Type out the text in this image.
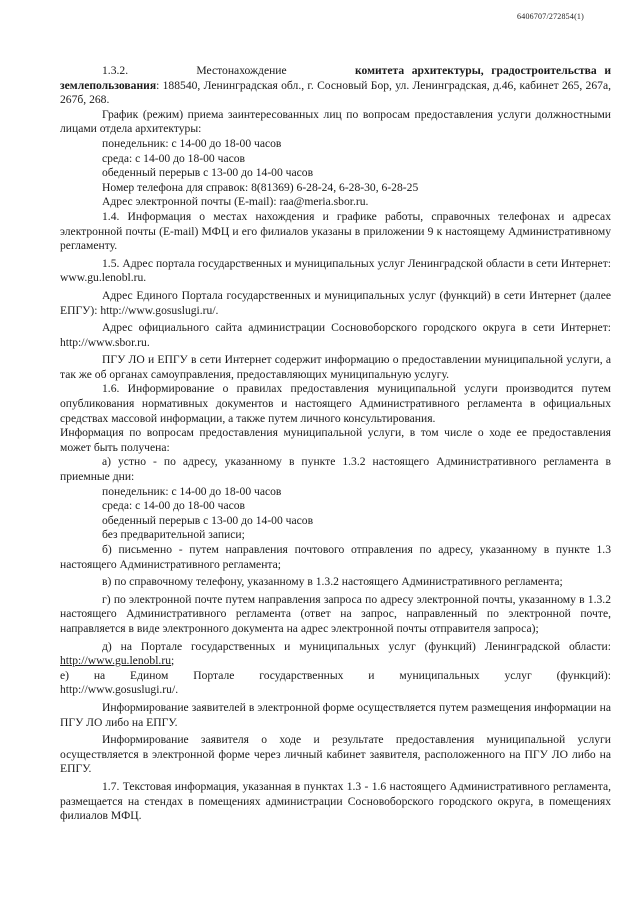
6406707/272854(1)

1.3.2.	Местонахождение	комитета архитектуры, градостроительства и

землепользования: 188540, Ленинградская обл., г. Сосновый Бор, ул. Ленинградская, д.46, кабинет 265, 267а, 267б, 268.

График (режим) приема заинтересованных лиц по вопросам предоставления услуги должностными лицами отдела архитектуры:

понедельник: с 14-00 до 18-00 часов

среда: с 14-00 до 18-00 часов

обеденный перерыв с 13-00 до 14-00 часов

Номер телефона для справок: 8(81369) 6-28-24, 6-28-30, 6-28-25

Адрес электронной почты (E-mail): raa@meria.sbor.ru.

1.4. Информация о местах нахождения и графике работы, справочных телефонах и адресах электронной почты (E-mail) МФЦ и его филиалов указаны в приложении 9 к настоящему Административному регламенту.

1.5. Адрес портала государственных и муниципальных услуг Ленинградской области в сети Интернет: www.gu.lenobl.ru.

Адрес Единого Портала государственных и муниципальных услуг (функций) в сети Интернет (далее ЕПГУ): http://www.gosuslugi.ru/.

Адрес официального сайта администрации Сосновоборского городского округа в сети Интернет: http://www.sbor.ru.

ПГУ ЛО и ЕПГУ в сети Интернет содержит информацию о предоставлении муниципальной услуги, а так же об органах самоуправления, предоставляющих муниципальную услугу.

1.6. Информирование о правилах предоставления муниципальной услуги производится путем опубликования нормативных документов и настоящего Административного регламента в официальных средствах массовой информации, а также путем личного консультирования.

Информация по вопросам предоставления муниципальной услуги, в том числе о ходе ее предоставления может быть получена:

а) устно - по адресу, указанному в пункте 1.3.2 настоящего Административного регламента в приемные дни:

понедельник: с 14-00 до 18-00 часов

среда: с 14-00 до 18-00 часов

обеденный перерыв с 13-00 до 14-00 часов

без предварительной записи;

б) письменно - путем направления почтового отправления по адресу, указанному в пункте 1.3 настоящего Административного регламента;

в) по справочному телефону, указанному в 1.3.2 настоящего Административного регламента;

г) по электронной почте путем направления запроса по адресу электронной почты, указанному в 1.3.2 настоящего Административного регламента (ответ на запрос, направленный по электронной почте, направляется в виде электронного документа на адрес электронной почты отправителя запроса);

д) на Портале государственных и муниципальных услуг (функций) Ленинградской области: http://www.gu.lenobl.ru;

е) на Едином Портале государственных и муниципальных услуг (функций):
http://www.gosuslugi.ru/.

Информирование заявителей в электронной форме осуществляется путем размещения информации на ПГУ ЛО либо на ЕПГУ.

Информирование заявителя о ходе и результате предоставления муниципальной услуги осуществляется в электронной форме через личный кабинет заявителя, расположенного на ПГУ ЛО либо на ЕПГУ.

1.7. Текстовая информация, указанная в пунктах 1.3 - 1.6 настоящего Административного регламента, размещается на стендах в помещениях администрации Сосновоборского городского округа, в помещениях филиалов МФЦ.
